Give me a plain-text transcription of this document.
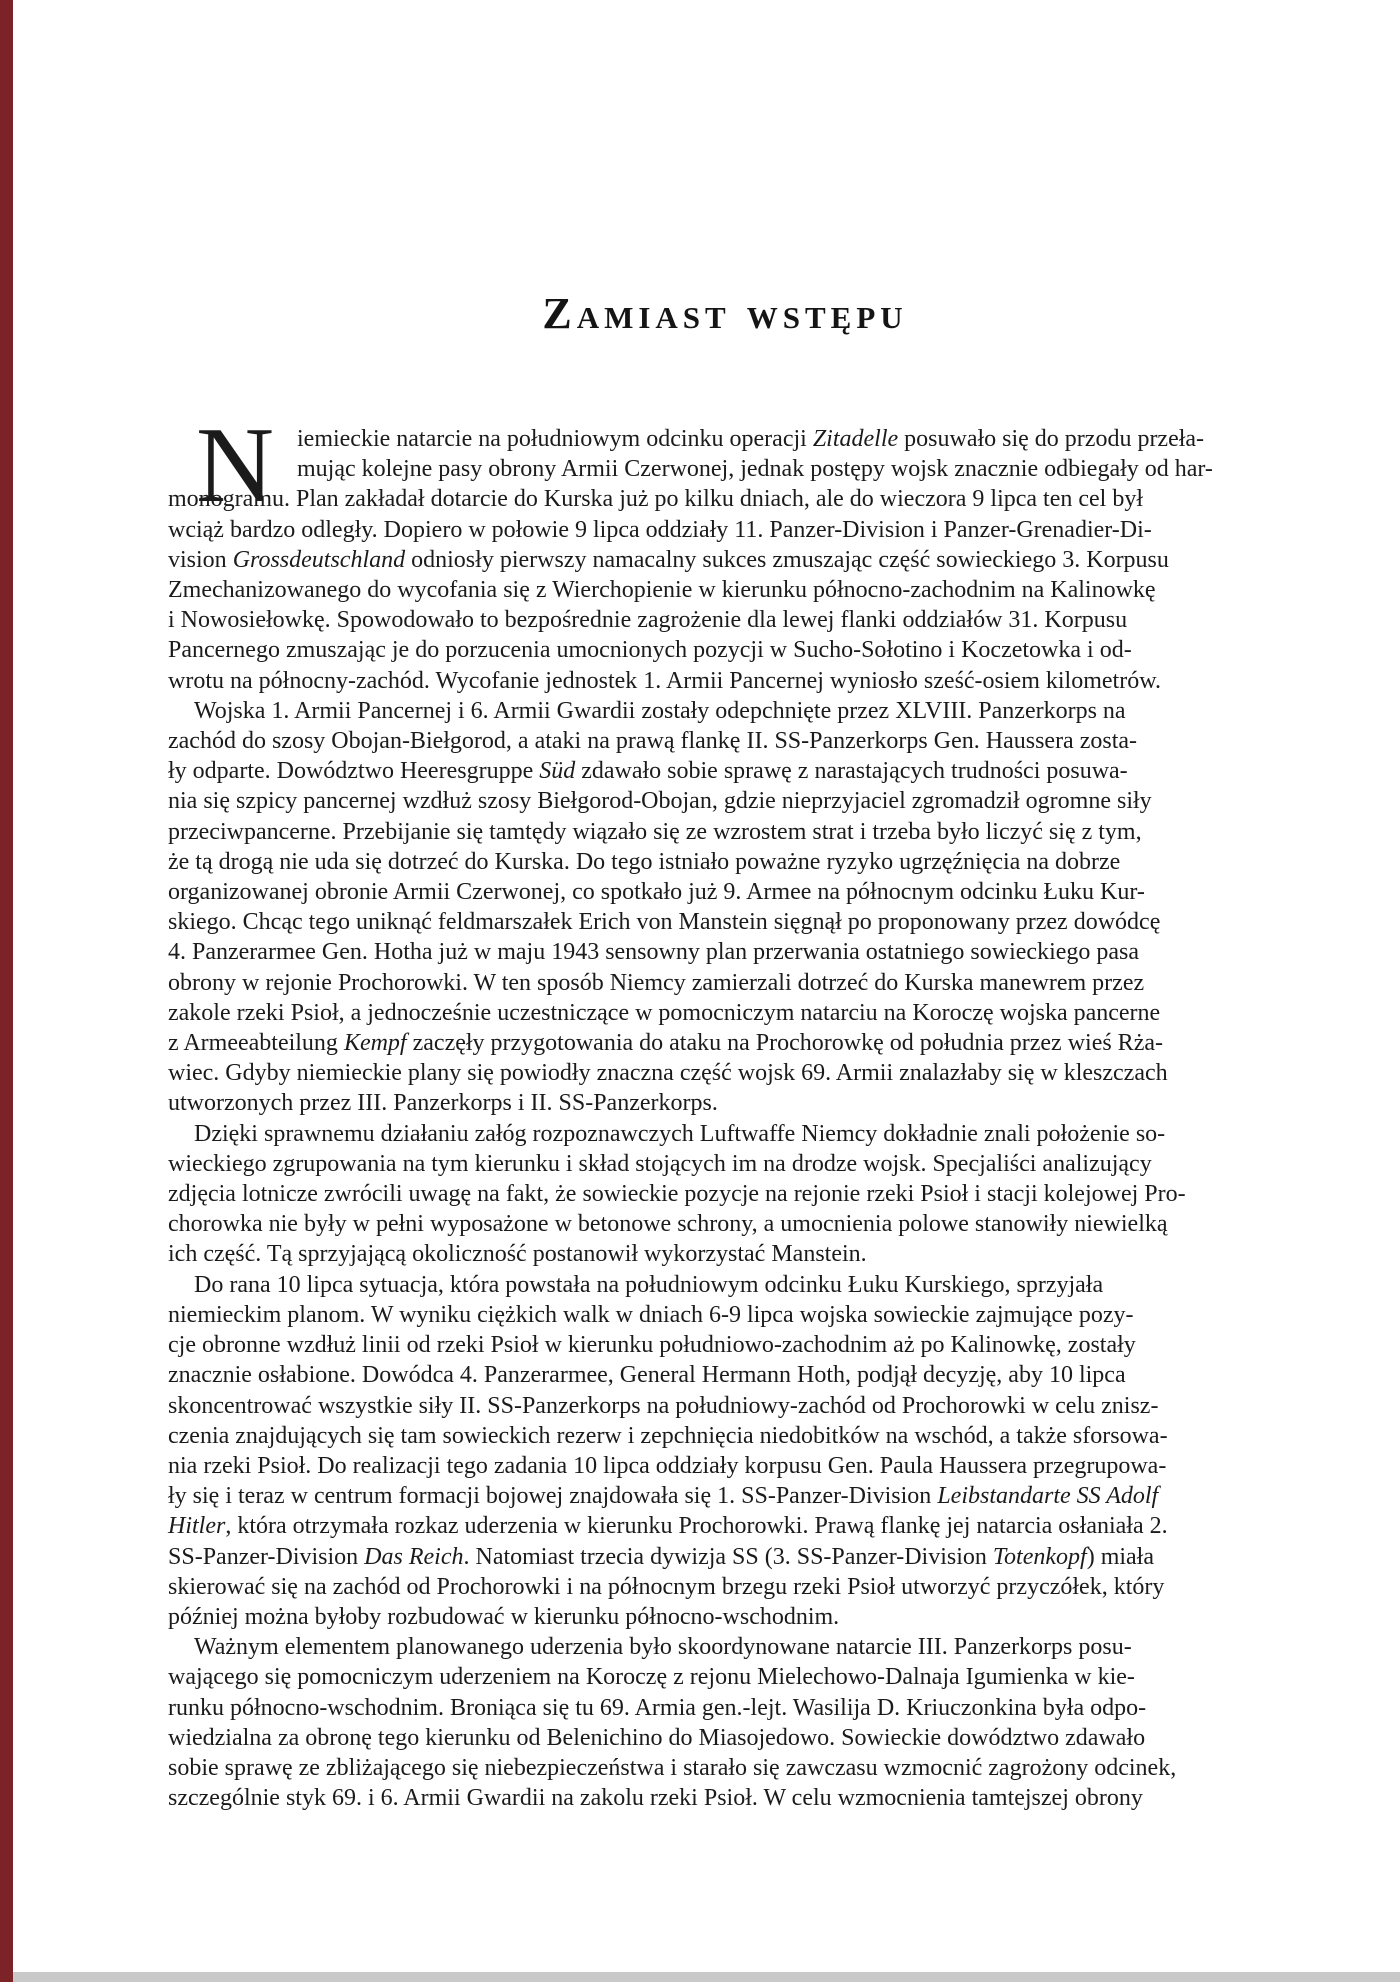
Zamiast wstępu
N iemieckie natarcie na południowym odcinku operacji Zitadelle posuwało się do przodu przeła-
mując kolejne pasy obrony Armii Czerwonej, jednak postępy wojsk znacznie odbiegały od har-
monogramu. Plan zakładał dotarcie do Kurska już po kilku dniach, ale do wieczora 9 lipca ten cel był
wciąż bardzo odległy. Dopiero w połowie 9 lipca oddziały 11. Panzer-Division i Panzer-Grenadier-Di-
vision Grossdeutschland odniosły pierwszy namacalny sukces zmuszając część sowieckiego 3. Korpusu
Zmechanizowanego do wycofania się z Wierchopienie w kierunku północno-zachodnim na Kalinowkę
i Nowosiełowkę. Spowodowało to bezpośrednie zagrożenie dla lewej flanki oddziałów 31. Korpusu
Pancernego zmuszając je do porzucenia umocnionych pozycji w Sucho-Sołotino i Koczetowka i od-
wrotu na północny-zachód. Wycofanie jednostek 1. Armii Pancernej wyniosło sześć-osiem kilometrów.
Wojska 1. Armii Pancernej i 6. Armii Gwardii zostały odepchnięte przez XLVIII. Panzerkorps na
zachód do szosy Obojan-Biełgorod, a ataki na prawą flankę II. SS-Panzerkorps Gen. Haussera zosta-
ły odparte. Dowództwo Heeresgruppe Süd zdawało sobie sprawę z narastających trudności posuwa-
nia się szpicy pancernej wzdłuż szosy Biełgorod-Obojan, gdzie nieprzyjaciel zgromadził ogromne siły
przeciwpancerne. Przebijanie się tamtędy wiązało się ze wzrostem strat i trzeba było liczyć się z tym,
że tą drogą nie uda się dotrzeć do Kurska. Do tego istniało poważne ryzyko ugrzęźnięcia na dobrze
organizowanej obronie Armii Czerwonej, co spotkało już 9. Armee na północnym odcinku Łuku Kur-
skiego. Chcąc tego uniknąć feldmarszałek Erich von Manstein sięgnął po proponowany przez dowódcę
4. Panzerarmee Gen. Hotha już w maju 1943 sensowny plan przerwania ostatniego sowieckiego pasa
obrony w rejonie Prochorowki. W ten sposób Niemcy zamierzali dotrzeć do Kurska manewrem przez
zakole rzeki Psioł, a jednocześnie uczestniczące w pomocniczym natarciu na Koroczę wojska pancerne
z Armeeabteilung Kempf zaczęły przygotowania do ataku na Prochorowkę od południa przez wieś Rża-
wiec. Gdyby niemieckie plany się powiodły znaczna część wojsk 69. Armii znalazłaby się w kleszczach
utworzonych przez III. Panzerkorps i II. SS-Panzerkorps.
Dzięki sprawnemu działaniu załóg rozpoznawczych Luftwaffe Niemcy dokładnie znali położenie so-
wieckiego zgrupowania na tym kierunku i skład stojących im na drodze wojsk. Specjaliści analizujący
zdjęcia lotnicze zwrócili uwagę na fakt, że sowieckie pozycje na rejonie rzeki Psioł i stacji kolejowej Pro-
chorowka nie były w pełni wyposażone w betonowe schrony, a umocnienia polowe stanowiły niewielką
ich część. Tą sprzyjającą okoliczność postanowił wykorzystać Manstein.
Do rana 10 lipca sytuacja, która powstała na południowym odcinku Łuku Kurskiego, sprzyjała
niemieckim planom. W wyniku ciężkich walk w dniach 6-9 lipca wojska sowieckie zajmujące pozy-
cje obronne wzdłuż linii od rzeki Psioł w kierunku południowo-zachodnim aż po Kalinowkę, zostały
znacznie osłabione. Dowódca 4. Panzerarmee, General Hermann Hoth, podjął decyzję, aby 10 lipca
skoncentrować wszystkie siły II. SS-Panzerkorps na południowy-zachód od Prochorowki w celu znisz-
czenia znajdujących się tam sowieckich rezerw i zepchnięcia niedobitków na wschód, a także sforsowa-
nia rzeki Psioł. Do realizacji tego zadania 10 lipca oddziały korpusu Gen. Paula Haussera przegrupowa-
ły się i teraz w centrum formacji bojowej znajdowała się 1. SS-Panzer-Division Leibstandarte SS Adolf
Hitler, która otrzymała rozkaz uderzenia w kierunku Prochorowki. Prawą flankę jej natarcia osłaniała 2.
SS-Panzer-Division Das Reich. Natomiast trzecia dywizja SS (3. SS-Panzer-Division Totenkopf) miała
skierować się na zachód od Prochorowki i na północnym brzegu rzeki Psioł utworzyć przyczółek, który
później można byłoby rozbudować w kierunku północno-wschodnim.
Ważnym elementem planowanego uderzenia było skoordynowane natarcie III. Panzerkorps posu-
wającego się pomocniczym uderzeniem na Koroczę z rejonu Mielechowo-Dalnaja Igumienka w kie-
runku północno-wschodnim. Broniąca się tu 69. Armia gen.-lejt. Wasilija D. Kriuczonkina była odpo-
wiedzialna za obronę tego kierunku od Belenichino do Miasojedowo. Sowieckie dowództwo zdawało
sobie sprawę ze zbliżającego się niebezpieczeństwa i starało się zawczasu wzmocnić zagrożony odcinek,
szczególnie styk 69. i 6. Armii Gwardii na zakolu rzeki Psioł. W celu wzmocnienia tamtejszej obrony
